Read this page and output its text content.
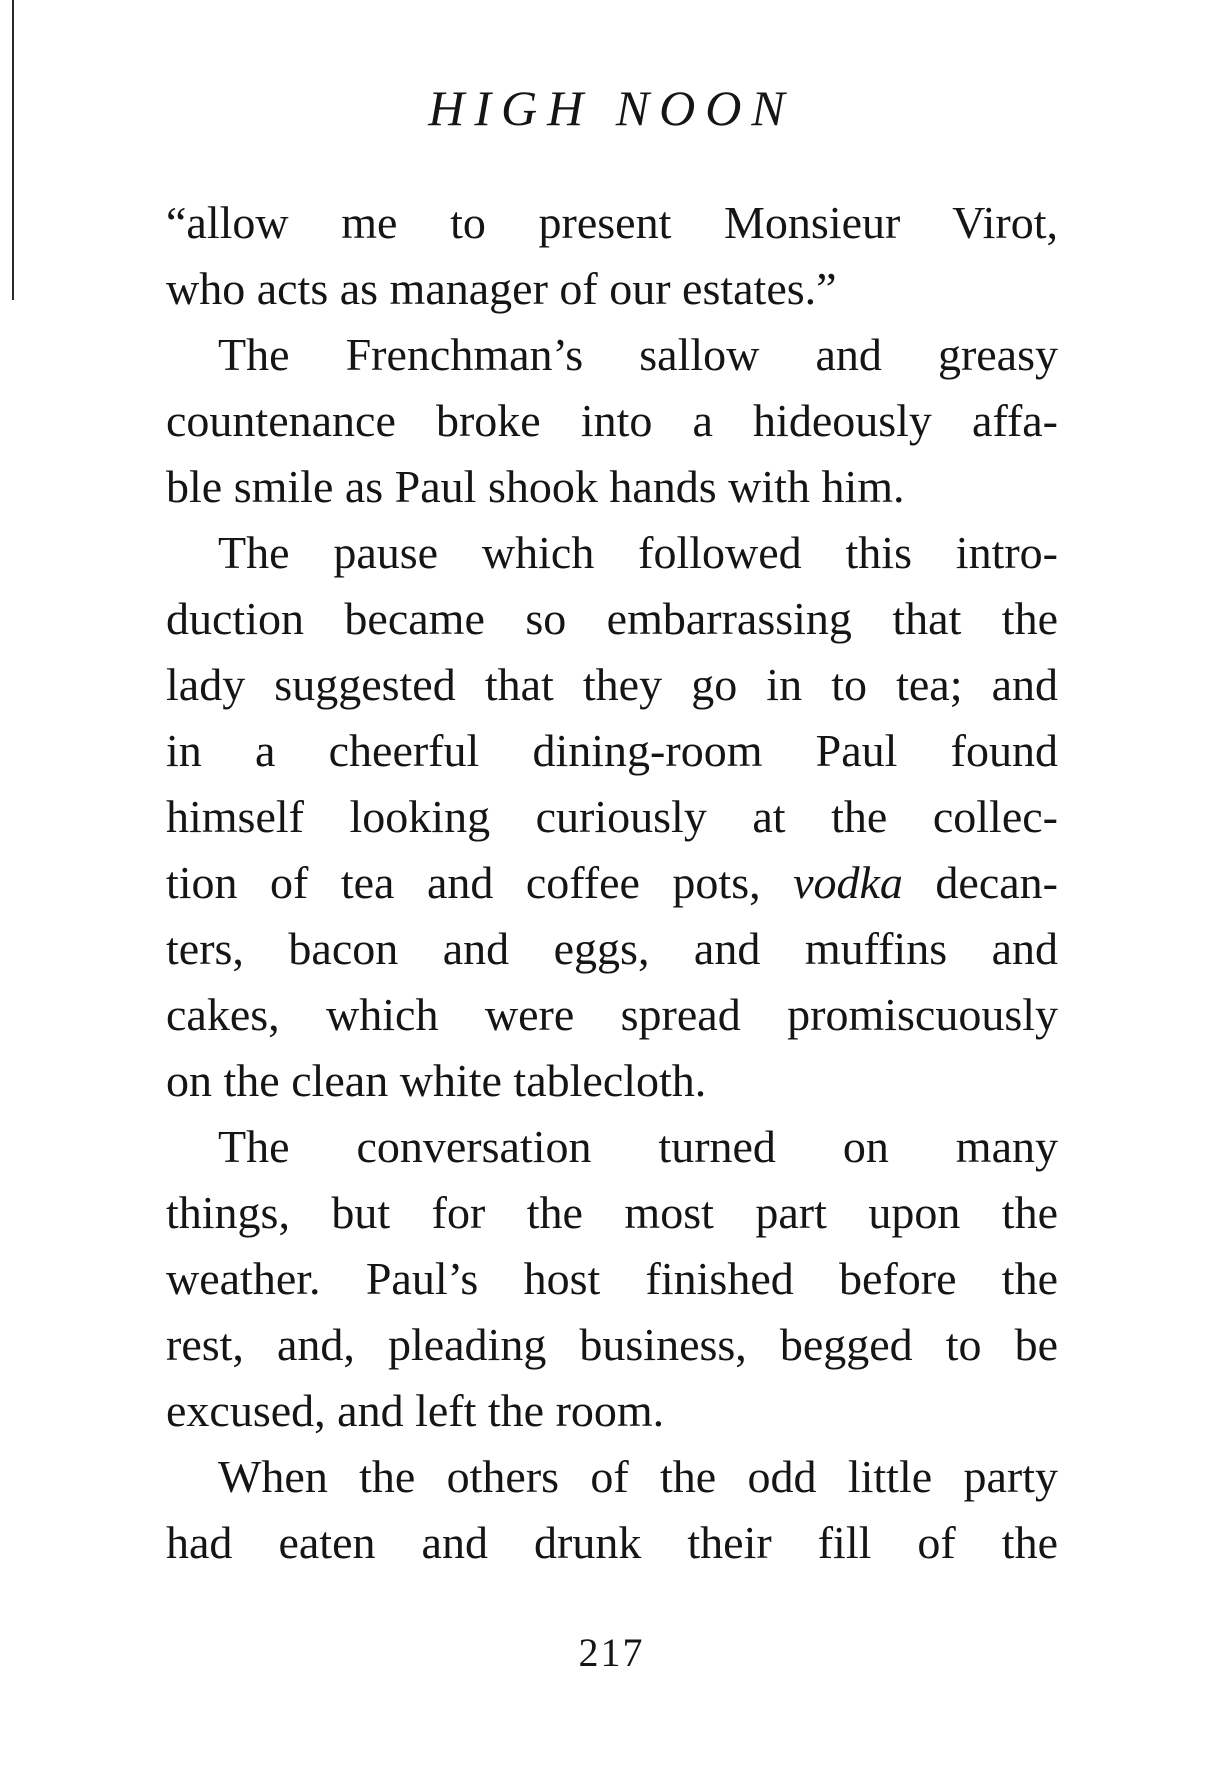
HIGH NOON
“allow me to present Monsieur Virot,
who acts as manager of our estates.”
The Frenchman’s sallow and greasy
countenance broke into a hideously affa-
ble smile as Paul shook hands with him.
The pause which followed this intro-
duction became so embarrassing that the
lady suggested that they go in to tea; and
in a cheerful dining-room Paul found
himself looking curiously at the collec-
tion of tea and coffee pots, vodka decan-
ters, bacon and eggs, and muffins and
cakes, which were spread promiscuously
on the clean white tablecloth.
The conversation turned on many
things, but for the most part upon the
weather. Paul’s host finished before the
rest, and, pleading business, begged to be
excused, and left the room.
When the others of the odd little party
had eaten and drunk their fill of the
217
